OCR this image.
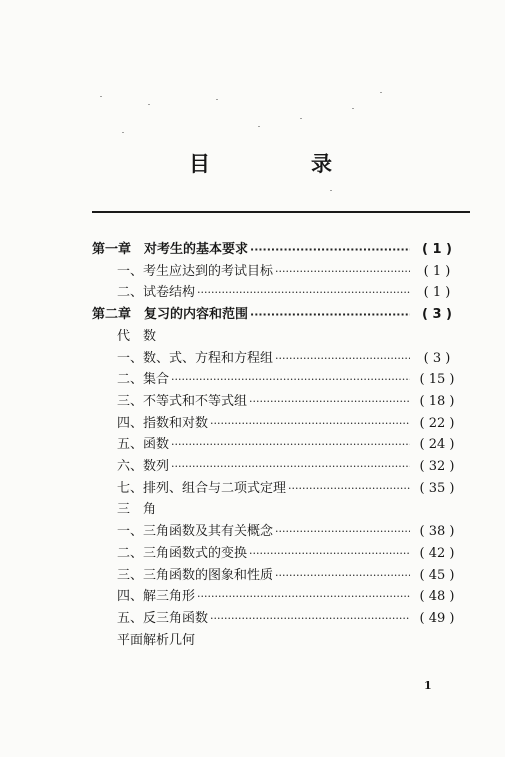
目　录
第一章　对考生的基本要求 ·····	( 1 )
一、考生应达到的考试目标 ·····	( 1 )
二、试卷结构 ·····	( 1 )
第二章　复习的内容和范围 ·····	( 3 )
代　数
一、数、式、方程和方程组 ·····	( 3 )
二、集合 ·····	( 15 )
三、不等式和不等式组 ·····	( 18 )
四、指数和对数 ·····	( 22 )
五、函数 ·····	( 24 )
六、数列 ·····	( 32 )
七、排列、组合与二项式定理 ·····	( 35 )
三　角
一、三角函数及其有关概念 ·····	( 38 )
二、三角函数式的变换 ·····	( 42 )
三、三角函数的图象和性质 ·····	( 45 )
四、解三角形 ·····	( 48 )
五、反三角函数 ·····	( 49 )
平面解析几何
1
